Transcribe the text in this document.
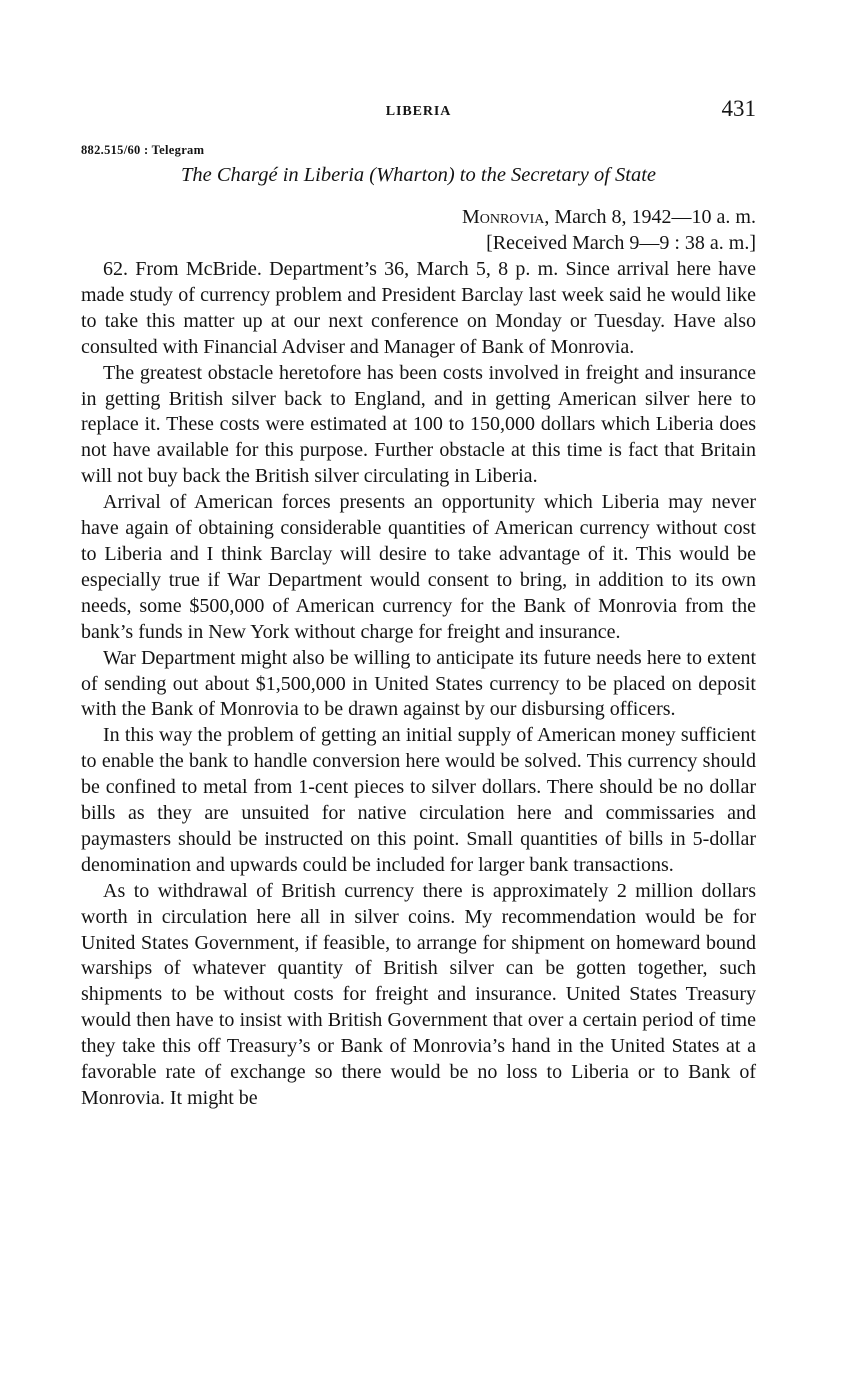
LIBERIA	431
882.515/60 : Telegram
The Chargé in Liberia (Wharton) to the Secretary of State
Monrovia, March 8, 1942—10 a. m.
[Received March 9—9 : 38 a. m.]

62. From McBride. Department’s 36, March 5, 8 p. m. Since arrival here have made study of currency problem and President Barclay last week said he would like to take this matter up at our next conference on Monday or Tuesday. Have also consulted with Financial Adviser and Manager of Bank of Monrovia.

The greatest obstacle heretofore has been costs involved in freight and insurance in getting British silver back to England, and in getting American silver here to replace it. These costs were estimated at 100 to 150,000 dollars which Liberia does not have available for this purpose. Further obstacle at this time is fact that Britain will not buy back the British silver circulating in Liberia.

Arrival of American forces presents an opportunity which Liberia may never have again of obtaining considerable quantities of American currency without cost to Liberia and I think Barclay will desire to take advantage of it. This would be especially true if War Department would consent to bring, in addition to its own needs, some $500,000 of American currency for the Bank of Monrovia from the bank’s funds in New York without charge for freight and insurance.

War Department might also be willing to anticipate its future needs here to extent of sending out about $1,500,000 in United States currency to be placed on deposit with the Bank of Monrovia to be drawn against by our disbursing officers.

In this way the problem of getting an initial supply of American money sufficient to enable the bank to handle conversion here would be solved. This currency should be confined to metal from 1-cent pieces to silver dollars. There should be no dollar bills as they are unsuited for native circulation here and commissaries and paymasters should be instructed on this point. Small quantities of bills in 5-dollar denomination and upwards could be included for larger bank transactions.

As to withdrawal of British currency there is approximately 2 million dollars worth in circulation here all in silver coins. My recommendation would be for United States Government, if feasible, to arrange for shipment on homeward bound warships of whatever quantity of British silver can be gotten together, such shipments to be without costs for freight and insurance. United States Treasury would then have to insist with British Government that over a certain period of time they take this off Treasury’s or Bank of Monrovia’s hand in the United States at a favorable rate of exchange so there would be no loss to Liberia or to Bank of Monrovia. It might be
